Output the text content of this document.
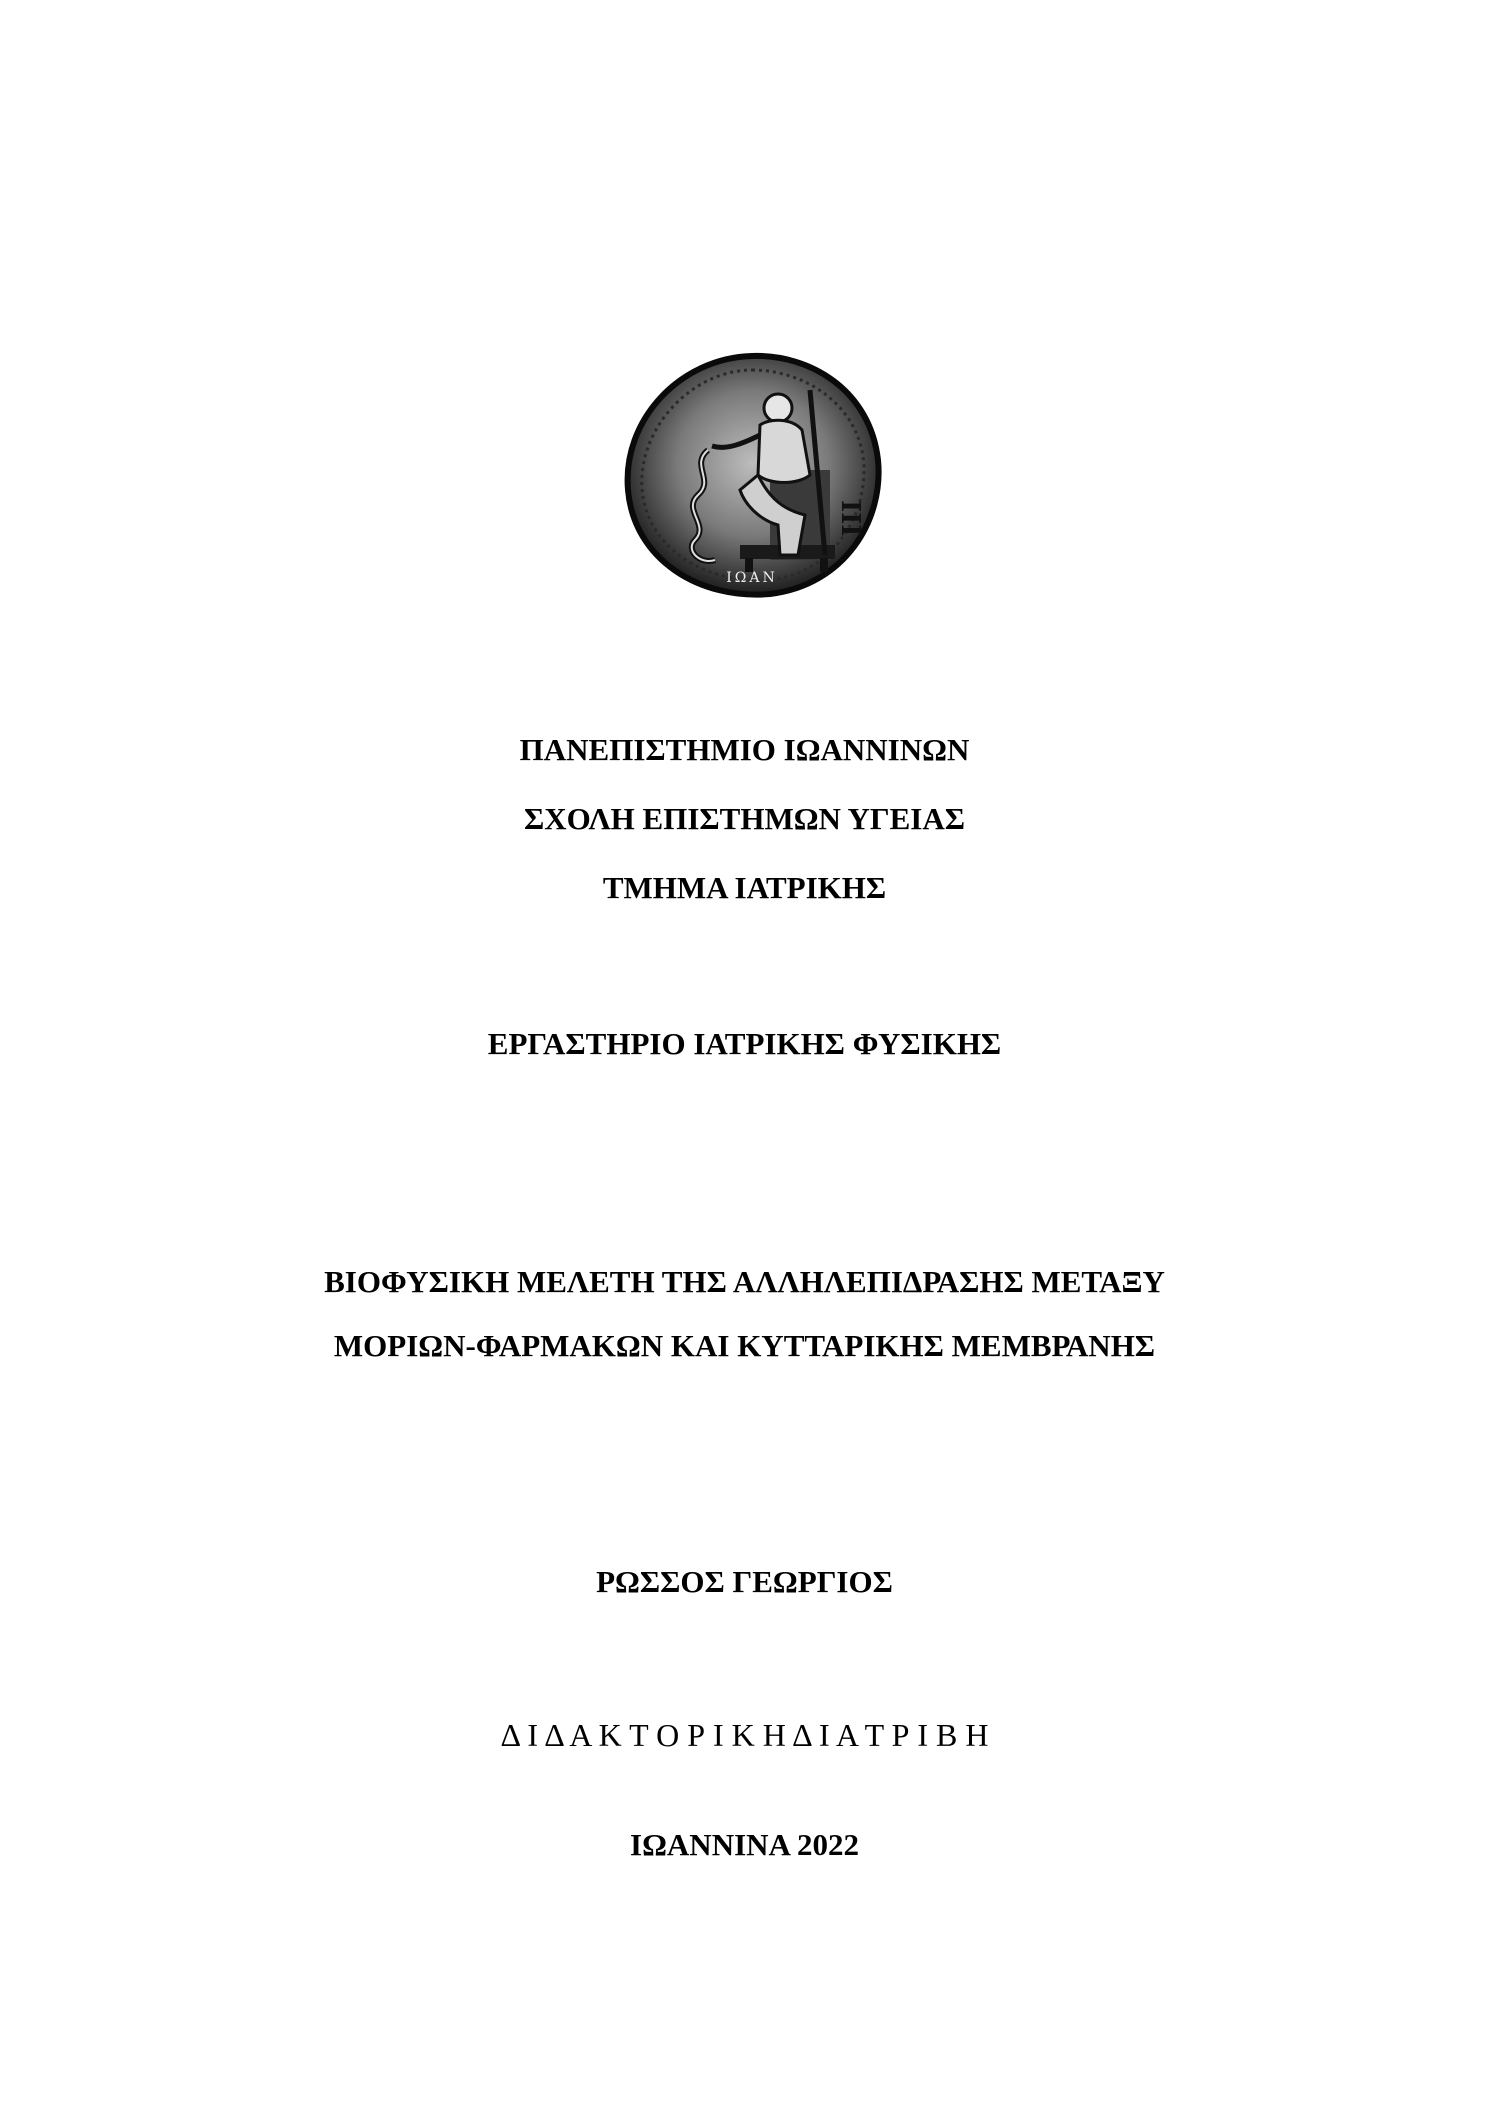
III
ΙΩΑΝ
ΠΑΝΕΠΙΣΤΗΜΙΟ ΙΩΑΝΝΙΝΩΝ
ΣΧΟΛΗ ΕΠΙΣΤΗΜΩΝ ΥΓΕΙΑΣ
ΤΜΗΜΑ ΙΑΤΡΙΚΗΣ
ΕΡΓΑΣΤΗΡΙΟ ΙΑΤΡΙΚΗΣ ΦΥΣΙΚΗΣ
ΒΙΟΦΥΣΙΚΗ ΜΕΛΕΤΗ ΤΗΣ ΑΛΛΗΛΕΠΙΔΡΑΣΗΣ ΜΕΤΑΞΥ
ΜΟΡΙΩΝ-ΦΑΡΜΑΚΩΝ ΚΑΙ ΚΥΤΤΑΡΙΚΗΣ ΜΕΜΒΡΑΝΗΣ
ΡΩΣΣΟΣ ΓΕΩΡΓΙΟΣ
Δ Ι Δ Α Κ Τ Ο Ρ Ι Κ Η Δ Ι Α Τ Ρ Ι Β Η
ΙΩΑΝΝΙΝΑ 2022
